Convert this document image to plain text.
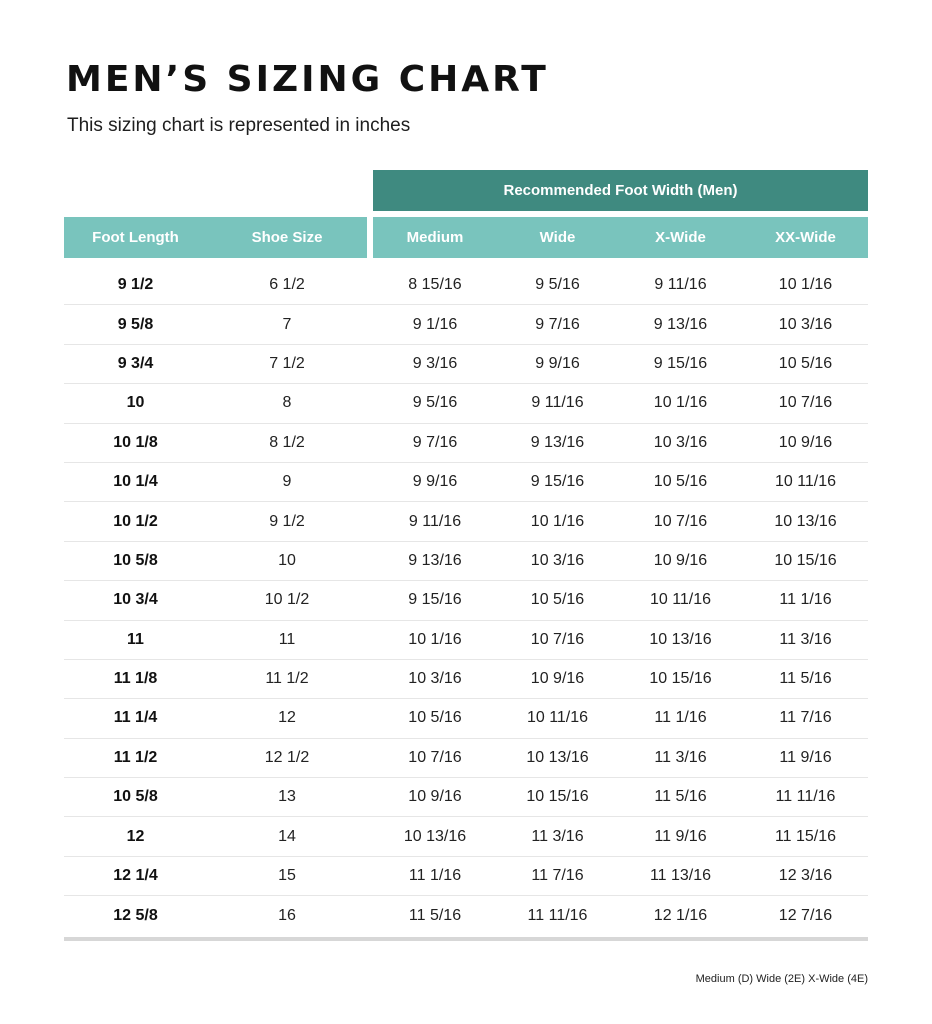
MEN’S SIZING CHART
This sizing chart is represented in inches
Recommended Foot Width (Men)
Foot Length	Shoe Size	Medium	Wide	X-Wide	XX-Wide
9 1/2	6 1/2	8 15/16	9 5/16	9 11/16	10 1/16
9 5/8	7	9 1/16	9 7/16	9 13/16	10 3/16
9 3/4	7 1/2	9 3/16	9 9/16	9 15/16	10 5/16
10	8	9 5/16	9 11/16	10 1/16	10 7/16
10 1/8	8 1/2	9 7/16	9 13/16	10 3/16	10 9/16
10 1/4	9	9 9/16	9 15/16	10 5/16	10 11/16
10 1/2	9 1/2	9 11/16	10 1/16	10 7/16	10 13/16
10 5/8	10	9 13/16	10 3/16	10 9/16	10 15/16
10 3/4	10 1/2	9 15/16	10 5/16	10 11/16	11 1/16
11	11	10 1/16	10 7/16	10 13/16	11 3/16
11 1/8	11 1/2	10 3/16	10 9/16	10 15/16	11 5/16
11 1/4	12	10 5/16	10 11/16	11 1/16	11 7/16
11 1/2	12 1/2	10 7/16	10 13/16	11 3/16	11 9/16
10 5/8	13	10 9/16	10 15/16	11 5/16	11 11/16
12	14	10 13/16	11 3/16	11 9/16	11 15/16
12 1/4	15	11 1/16	11 7/16	11 13/16	12 3/16
12 5/8	16	11 5/16	11 11/16	12 1/16	12 7/16
Medium (D) Wide (2E) X-Wide (4E)
